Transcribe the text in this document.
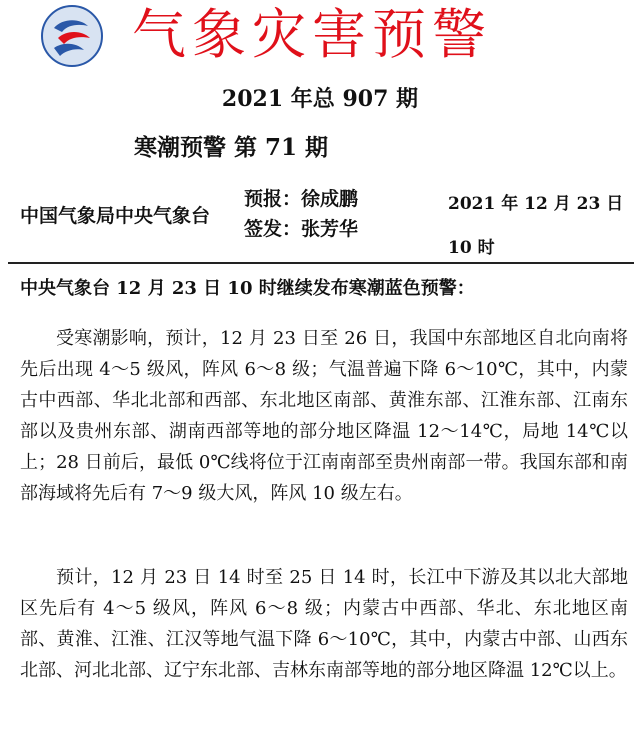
气象灾害预警
2021 年总 907 期
寒潮预警 第 71 期
中国气象局中央气象台
预报：徐成鹏
签发：张芳华
2021 年 12 月 23 日 10 时
中央气象台 12 月 23 日 10 时继续发布寒潮蓝色预警：

受寒潮影响，预计，12 月 23 日至 26 日，我国中东部地区自北向南将先后出现 4～5 级风，阵风 6～8 级；气温普遍下降 6～10℃，其中，内蒙古中西部、华北北部和西部、东北地区南部、黄淮东部、江淮东部、江南东部以及贵州东部、湖南西部等地的部分地区降温 12～14℃，局地 14℃以上；28 日前后，最低 0℃线将位于江南南部至贵州南部一带。我国东部和南部海域将先后有 7～9 级大风，阵风 10 级左右。

预计，12 月 23 日 14 时至 25 日 14 时，长江中下游及其以北大部地区先后有 4～5 级风，阵风 6～8 级；内蒙古中西部、华北、东北地区南部、黄淮、江淮、江汉等地气温下降 6～10℃，其中，内蒙古中部、山西东北部、河北北部、辽宁东北部、吉林东南部等地的部分地区降温 12℃以上。
